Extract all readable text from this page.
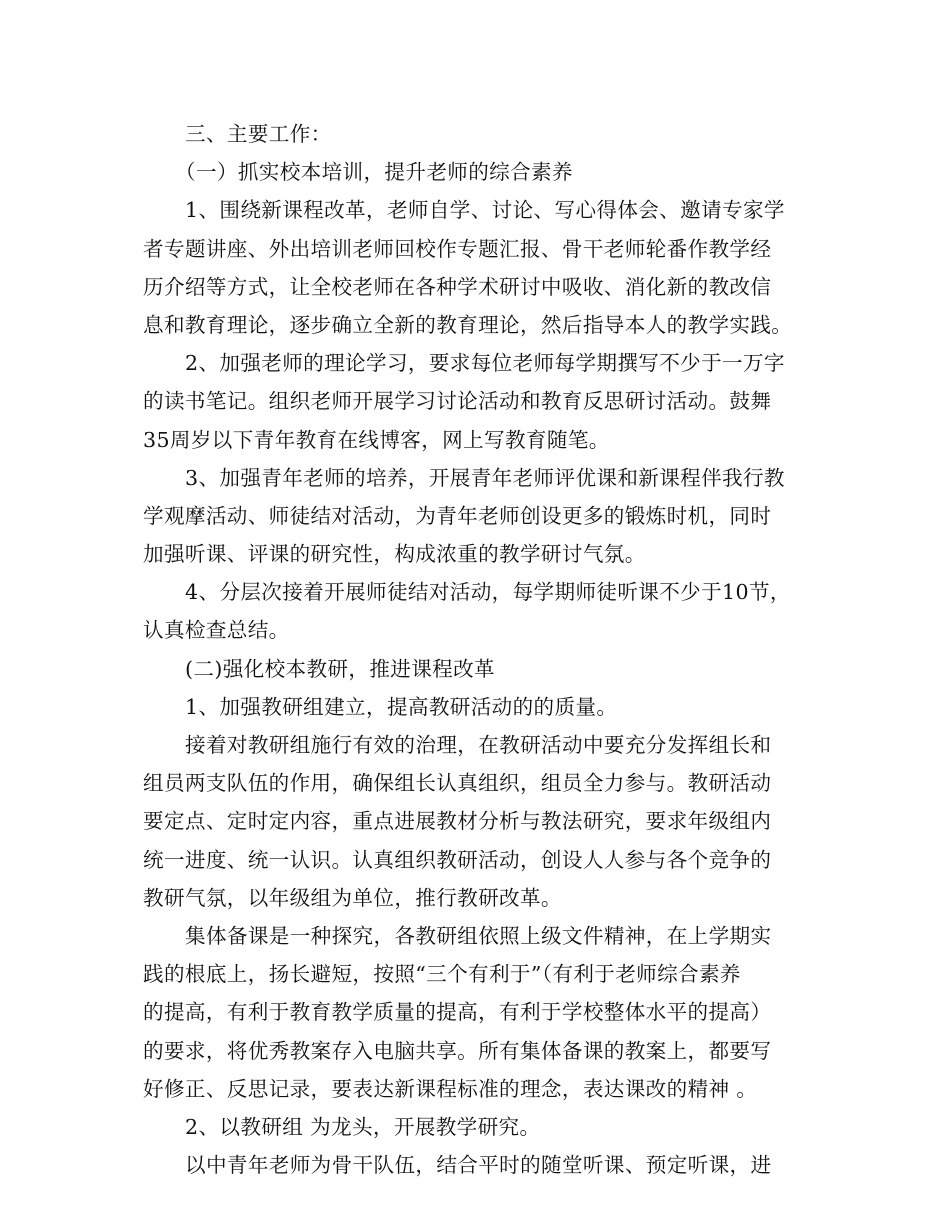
三、主要工作：
（一）抓实校本培训，提升老师的综合素养
1、围绕新课程改革，老师自学、讨论、写心得体会、邀请专家学
者专题讲座、外出培训老师回校作专题汇报、骨干老师轮番作教学经
历介绍等方式，让全校老师在各种学术研讨中吸收、消化新的教改信
息和教育理论，逐步确立全新的教育理论，然后指导本人的教学实践。
2、加强老师的理论学习，要求每位老师每学期撰写不少于一万字
的读书笔记。组织老师开展学习讨论活动和教育反思研讨活动。鼓舞
35周岁以下青年教育在线博客，网上写教育随笔。
3、加强青年老师的培养，开展青年老师评优课和新课程伴我行教
学观摩活动、师徒结对活动，为青年老师创设更多的锻炼时机，同时
加强听课、评课的研究性，构成浓重的教学研讨气氛。
4、分层次接着开展师徒结对活动，每学期师徒听课不少于10节，
认真检查总结。
(二)强化校本教研，推进课程改革
1、加强教研组建立，提高教研活动的的质量。
接着对教研组施行有效的治理，在教研活动中要充分发挥组长和
组员两支队伍的作用，确保组长认真组织，组员全力参与。教研活动
要定点、定时定内容，重点进展教材分析与教法研究，要求年级组内
统一进度、统一认识。认真组织教研活动，创设人人参与各个竞争的
教研气氛，以年级组为单位，推行教研改革。
集体备课是一种探究，各教研组依照上级文件精神，在上学期实
践的根底上，扬长避短，按照“三个有利于”（有利于老师综合素养
的提高，有利于教育教学质量的提高，有利于学校整体水平的提高）
的要求，将优秀教案存入电脑共享。所有集体备课的教案上，都要写
好修正、反思记录，要表达新课程标准的理念，表达课改的精神 。
2、以教研组 为龙头，开展教学研究。
以中青年老师为骨干队伍，结合平时的随堂听课、预定听课，进
